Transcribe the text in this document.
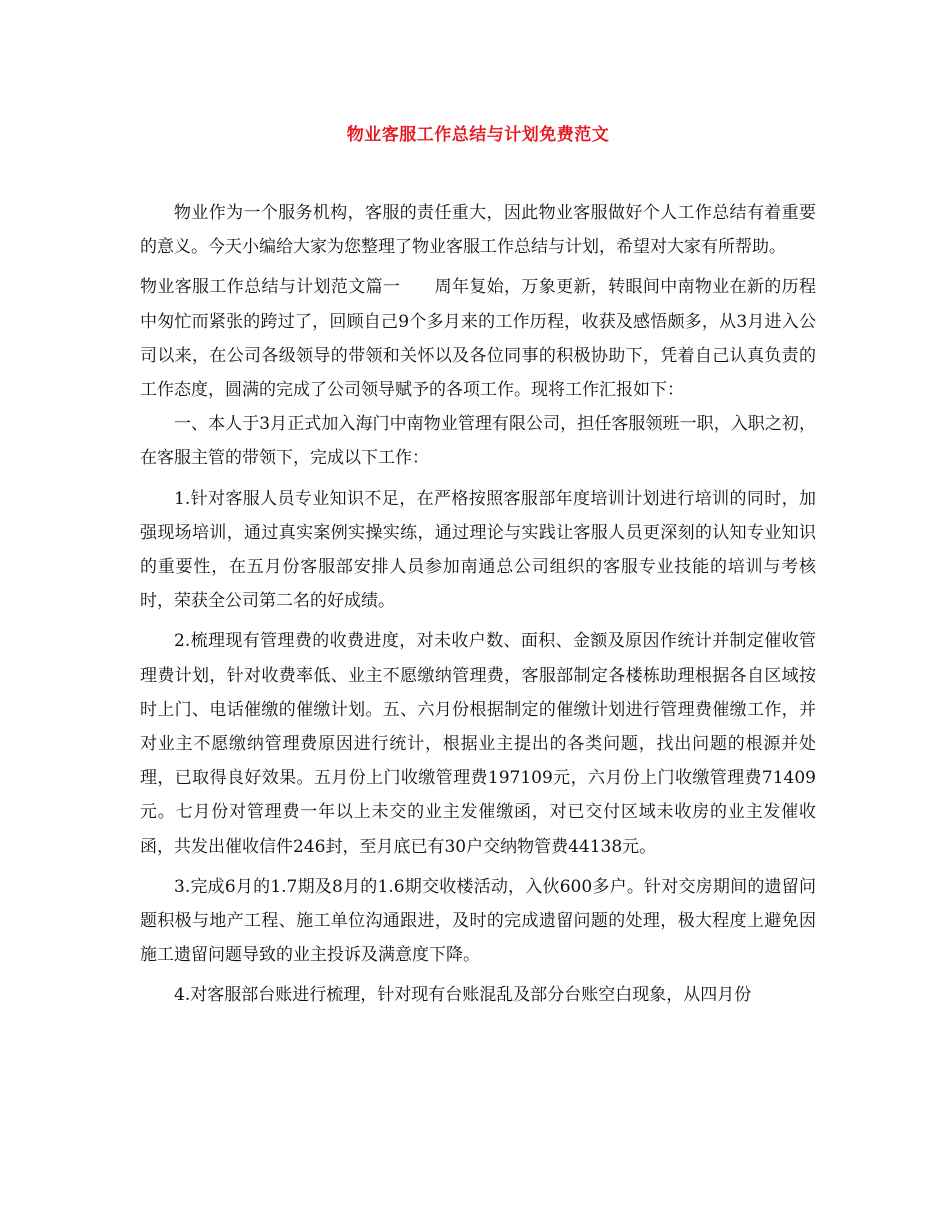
物业客服工作总结与计划免费范文

物业作为一个服务机构，客服的责任重大，因此物业客服做好个人工作总结有着重要的意义。今天小编给大家为您整理了物业客服工作总结与计划，希望对大家有所帮助。

物业客服工作总结与计划范文篇一 周年复始，万象更新，转眼间中南物业在新的历程中匆忙而紧张的跨过了，回顾自己9个多月来的工作历程，收获及感悟颇多，从3月进入公司以来，在公司各级领导的带领和关怀以及各位同事的积极协助下，凭着自己认真负责的工作态度，圆满的完成了公司领导赋予的各项工作。现将工作汇报如下：

一、本人于3月正式加入海门中南物业管理有限公司，担任客服领班一职，入职之初，在客服主管的带领下，完成以下工作：

1.针对客服人员专业知识不足，在严格按照客服部年度培训计划进行培训的同时，加强现场培训，通过真实案例实操实练，通过理论与实践让客服人员更深刻的认知专业知识的重要性，在五月份客服部安排人员参加南通总公司组织的客服专业技能的培训与考核时，荣获全公司第二名的好成绩。

2.梳理现有管理费的收费进度，对未收户数、面积、金额及原因作统计并制定催收管理费计划，针对收费率低、业主不愿缴纳管理费，客服部制定各楼栋助理根据各自区域按时上门、电话催缴的催缴计划。五、六月份根据制定的催缴计划进行管理费催缴工作，并对业主不愿缴纳管理费原因进行统计，根据业主提出的各类问题，找出问题的根源并处理，已取得良好效果。五月份上门收缴管理费197109元，六月份上门收缴管理费71409元。七月份对管理费一年以上未交的业主发催缴函，对已交付区域未收房的业主发催收函，共发出催收信件246封，至月底已有30户交纳物管费44138元。

3.完成6月的1.7期及8月的1.6期交收楼活动，入伙600多户。针对交房期间的遗留问题积极与地产工程、施工单位沟通跟进，及时的完成遗留问题的处理，极大程度上避免因施工遗留问题导致的业主投诉及满意度下降。

4.对客服部台账进行梳理，针对现有台账混乱及部分台账空白现象，从四月份
